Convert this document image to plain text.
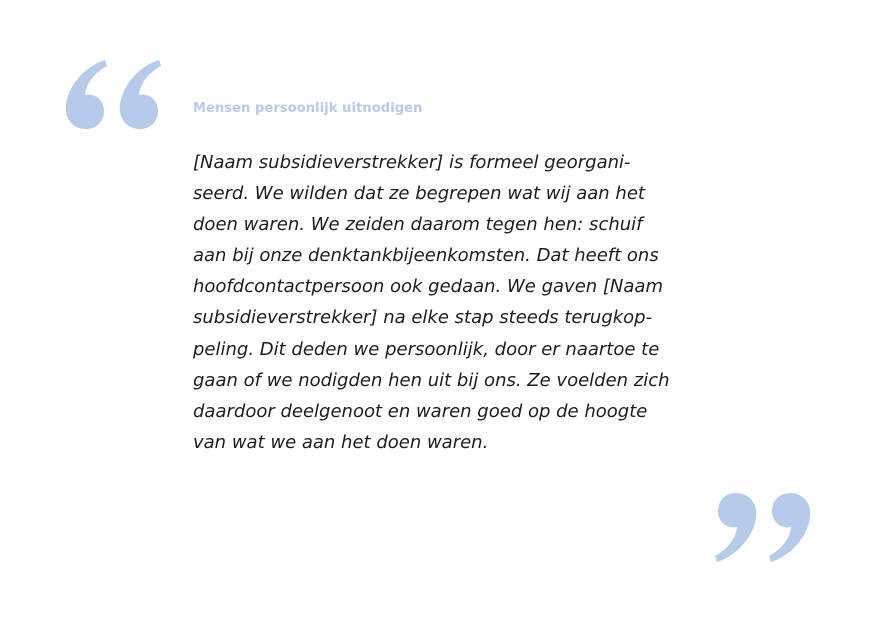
Mensen persoonlijk uitnodigen

[Naam subsidieverstrekker] is formeel georgani-
seerd. We wilden dat ze begrepen wat wij aan het
doen waren. We zeiden daarom tegen hen: schuif
aan bij onze denktankbijeenkomsten. Dat heeft ons
hoofdcontactpersoon ook gedaan. We gaven [Naam
subsidieverstrekker] na elke stap steeds terugkop-
peling. Dit deden we persoonlijk, door er naartoe te
gaan of we nodigden hen uit bij ons. Ze voelden zich
daardoor deelgenoot en waren goed op de hoogte
van wat we aan het doen waren.
